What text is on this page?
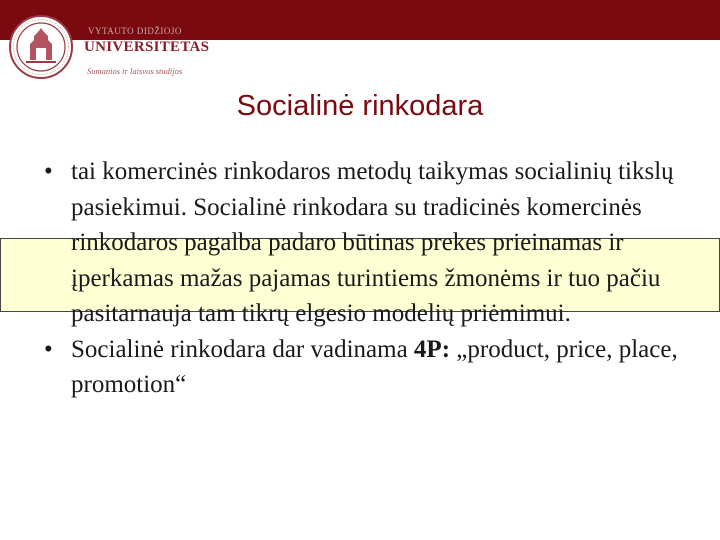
VYTAUTO DIDŽIOJO
UNIVERSITETAS
Sumanios ir laisvos studijos
Socialinė rinkodara
• tai komercinės rinkodaros metodų taikymas socialinių tikslų pasiekimui. Socialinė rinkodara su tradicinės komercinės rinkodaros pagalba padaro būtinas prekes prieinamas ir įperkamas mažas pajamas turintiems žmonėms ir tuo pačiu pasitarnauja tam tikrų elgesio modelių priėmimui.
• Socialinė rinkodara dar vadinama 4P: „product, price, place, promotion“
